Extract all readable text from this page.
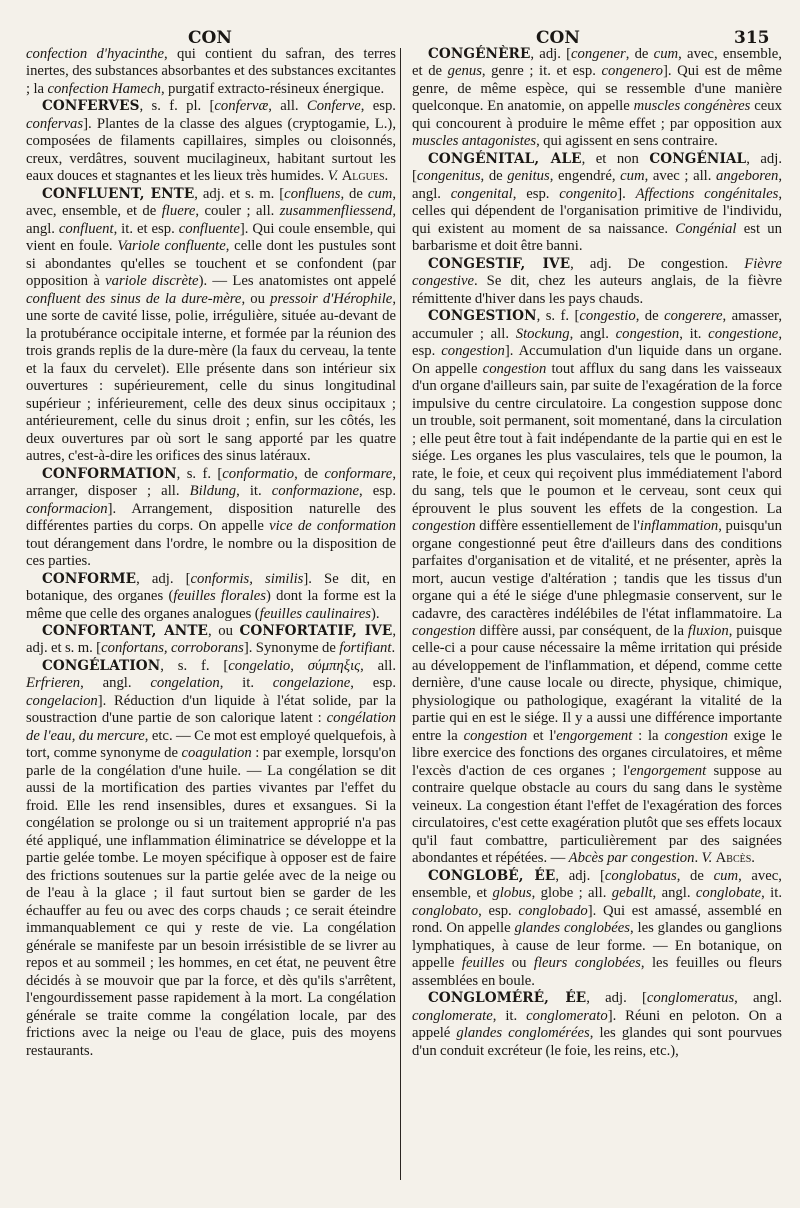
CON	CON	315

confection d'hyacinthe, qui contient du safran, des terres inertes, des substances absorbantes et des substances excitantes ; la confection Hamech, purgatif extracto-résineux énergique.

CONFERVES, s. f. pl. [confervæ, all. Conferve, esp. confervas]. Plantes de la classe des algues (cryptogamie, L.), composées de filaments capillaires, simples ou cloisonnés, creux, verdâtres, souvent mucilagineux, habitant surtout les eaux douces et stagnantes et les lieux très humides. V. Algues.

CONFLUENT, ENTE, adj. et s. m. [confluens, de cum, avec, ensemble, et de fluere, couler ; all. zusammenfliessend, angl. confluent, it. et esp. confluente]. Qui coule ensemble, qui vient en foule. Variole confluente, celle dont les pustules sont si abondantes qu'elles se touchent et se confondent (par opposition à variole discrète). — Les anatomistes ont appelé confluent des sinus de la dure-mère, ou pressoir d'Hérophile, une sorte de cavité lisse, polie, irrégulière, située au-devant de la protubérance occipitale interne, et formée par la réunion des trois grands replis de la dure-mère (la faux du cerveau, la tente et la faux du cervelet). Elle présente dans son intérieur six ouvertures : supérieurement, celle du sinus longitudinal supérieur ; inférieurement, celle des deux sinus occipitaux ; antérieurement, celle du sinus droit ; enfin, sur les côtés, les deux ouvertures par où sort le sang apporté par les quatre autres, c'est-à-dire les orifices des sinus latéraux.

CONFORMATION, s. f. [conformatio, de conformare, arranger, disposer ; all. Bildung, it. conformazione, esp. conformacion]. Arrangement, disposition naturelle des différentes parties du corps. On appelle vice de conformation tout dérangement dans l'ordre, le nombre ou la disposition de ces parties.

CONFORME, adj. [conformis, similis]. Se dit, en botanique, des organes (feuilles florales) dont la forme est la même que celle des organes analogues (feuilles caulinaires).

CONFORTANT, ANTE, ou CONFORTATIF, IVE, adj. et s. m. [confortans, corroborans]. Synonyme de fortifiant.

CONGÉLATION, s. f. [congelatio, σύμπηξις, all. Erfrieren, angl. congelation, it. congelazione, esp. congelacion]. Réduction d'un liquide à l'état solide, par la soustraction d'une partie de son calorique latent : congélation de l'eau, du mercure, etc. — Ce mot est employé quelquefois, à tort, comme synonyme de coagulation : par exemple, lorsqu'on parle de la congélation d'une huile. — La congélation se dit aussi de la mortification des parties vivantes par l'effet du froid. Elle les rend insensibles, dures et exsangues. Si la congélation se prolonge ou si un traitement approprié n'a pas été appliqué, une inflammation éliminatrice se développe et la partie gelée tombe. Le moyen spécifique à opposer est de faire des frictions soutenues sur la partie gelée avec de la neige ou de l'eau à la glace ; il faut surtout bien se garder de les échauffer au feu ou avec des corps chauds ; ce serait éteindre immanquablement ce qui y reste de vie. La congélation générale se manifeste par un besoin irrésistible de se livrer au repos et au sommeil ; les hommes, en cet état, ne peuvent être décidés à se mouvoir que par la force, et dès qu'ils s'arrêtent, l'engourdissement passe rapidement à la mort. La congélation générale se traite comme la congélation locale, par des frictions avec la neige ou l'eau de glace, puis des moyens restaurants.

CONGÉNÈRE, adj. [congener, de cum, avec, ensemble, et de genus, genre ; it. et esp. congenero]. Qui est de même genre, de même espèce, qui se ressemble d'une manière quelconque. En anatomie, on appelle muscles congénères ceux qui concourent à produire le même effet ; par opposition aux muscles antagonistes, qui agissent en sens contraire.

CONGÉNITAL, ALE, et non CONGÉNIAL, adj. [congenitus, de genitus, engendré, cum, avec ; all. angeboren, angl. congenital, esp. congenito]. Affections congénitales, celles qui dépendent de l'organisation primitive de l'individu, qui existent au moment de sa naissance. Congénial est un barbarisme et doit être banni.

CONGESTIF, IVE, adj. De congestion. Fièvre congestive. Se dit, chez les auteurs anglais, de la fièvre rémittente d'hiver dans les pays chauds.

CONGESTION, s. f. [congestio, de congerere, amasser, accumuler ; all. Stockung, angl. congestion, it. congestione, esp. congestion]. Accumulation d'un liquide dans un organe. On appelle congestion tout afflux du sang dans les vaisseaux d'un organe d'ailleurs sain, par suite de l'exagération de la force impulsive du centre circulatoire. La congestion suppose donc un trouble, soit permanent, soit momentané, dans la circulation ; elle peut être tout à fait indépendante de la partie qui en est le siége. Les organes les plus vasculaires, tels que le poumon, la rate, le foie, et ceux qui reçoivent plus immédiatement l'abord du sang, tels que le poumon et le cerveau, sont ceux qui éprouvent le plus souvent les effets de la congestion. La congestion diffère essentiellement de l'inflammation, puisqu'un organe congestionné peut être d'ailleurs dans des conditions parfaites d'organisation et de vitalité, et ne présenter, après la mort, aucun vestige d'altération ; tandis que les tissus d'un organe qui a été le siége d'une phlegmasie conservent, sur le cadavre, des caractères indélébiles de l'état inflammatoire. La congestion diffère aussi, par conséquent, de la fluxion, puisque celle-ci a pour cause nécessaire la même irritation qui préside au développement de l'inflammation, et dépend, comme cette dernière, d'une cause locale ou directe, physique, chimique, physiologique ou pathologique, exagérant la vitalité de la partie qui en est le siége. Il y a aussi une différence importante entre la congestion et l'engorgement : la congestion exige le libre exercice des fonctions des organes circulatoires, et même l'excès d'action de ces organes ; l'engorgement suppose au contraire quelque obstacle au cours du sang dans le système veineux. La congestion étant l'effet de l'exagération des forces circulatoires, c'est cette exagération plutôt que ses effets locaux qu'il faut combattre, particulièrement par des saignées abondantes et répétées. — Abcès par congestion. V. Abcès.

CONGLOBÉ, ÉE, adj. [conglobatus, de cum, avec, ensemble, et globus, globe ; all. geballt, angl. conglobate, it. conglobato, esp. conglobado]. Qui est amassé, assemblé en rond. On appelle glandes conglobées, les glandes ou ganglions lymphatiques, à cause de leur forme. — En botanique, on appelle feuilles ou fleurs conglobées, les feuilles ou fleurs assemblées en boule.

CONGLOMÉRÉ, ÉE, adj. [conglomeratus, angl. conglomerate, it. conglomerato]. Réuni en peloton. On a appelé glandes conglomérées, les glandes qui sont pourvues d'un conduit excréteur (le foie, les reins, etc.),
